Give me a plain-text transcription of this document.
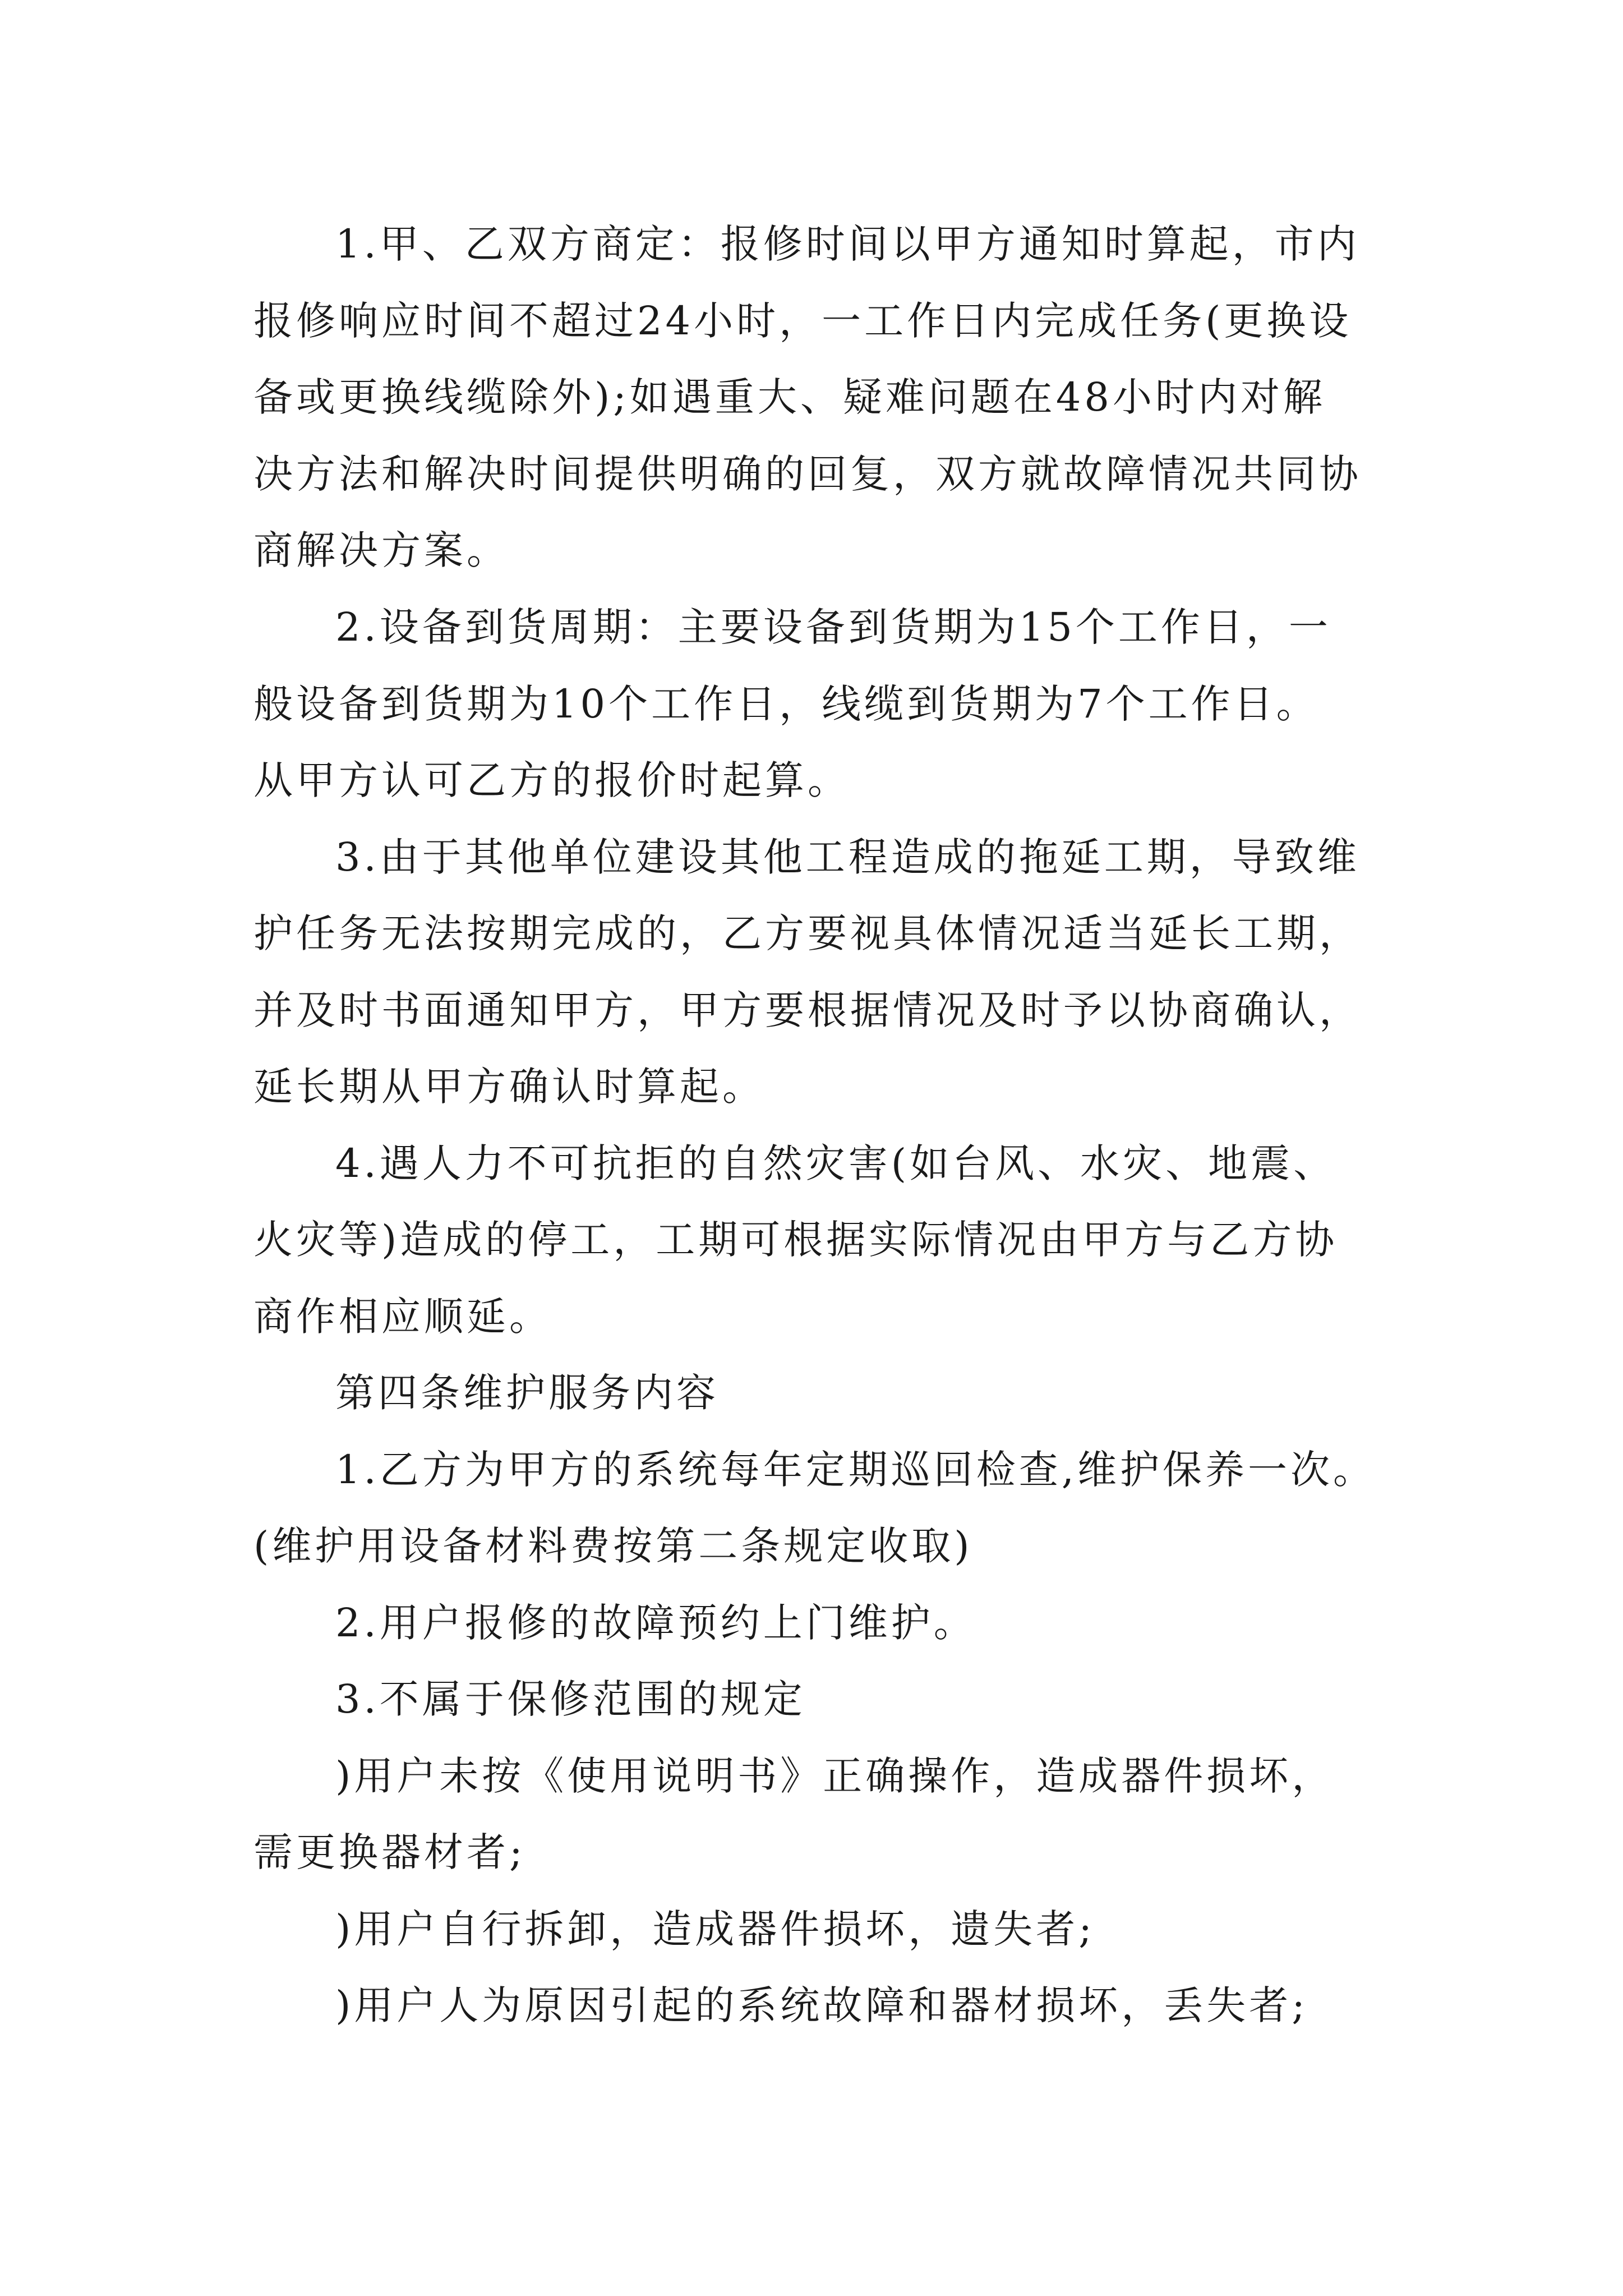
1.甲、乙双方商定：报修时间以甲方通知时算起，市内
报修响应时间不超过24小时，一工作日内完成任务(更换设
备或更换线缆除外);如遇重大、疑难问题在48小时内对解
决方法和解决时间提供明确的回复，双方就故障情况共同协
商解决方案。
2.设备到货周期：主要设备到货期为15个工作日，一
般设备到货期为10个工作日，线缆到货期为7个工作日。
从甲方认可乙方的报价时起算。
3.由于其他单位建设其他工程造成的拖延工期，导致维
护任务无法按期完成的，乙方要视具体情况适当延长工期，
并及时书面通知甲方，甲方要根据情况及时予以协商确认，
延长期从甲方确认时算起。
4.遇人力不可抗拒的自然灾害(如台风、水灾、地震、
火灾等)造成的停工，工期可根据实际情况由甲方与乙方协
商作相应顺延。
第四条维护服务内容
1.乙方为甲方的系统每年定期巡回检查,维护保养一次。
(维护用设备材料费按第二条规定收取)
2.用户报修的故障预约上门维护。
3.不属于保修范围的规定
)用户未按《使用说明书》正确操作，造成器件损坏，
需更换器材者;
)用户自行拆卸，造成器件损坏，遗失者;
)用户人为原因引起的系统故障和器材损坏，丢失者;
